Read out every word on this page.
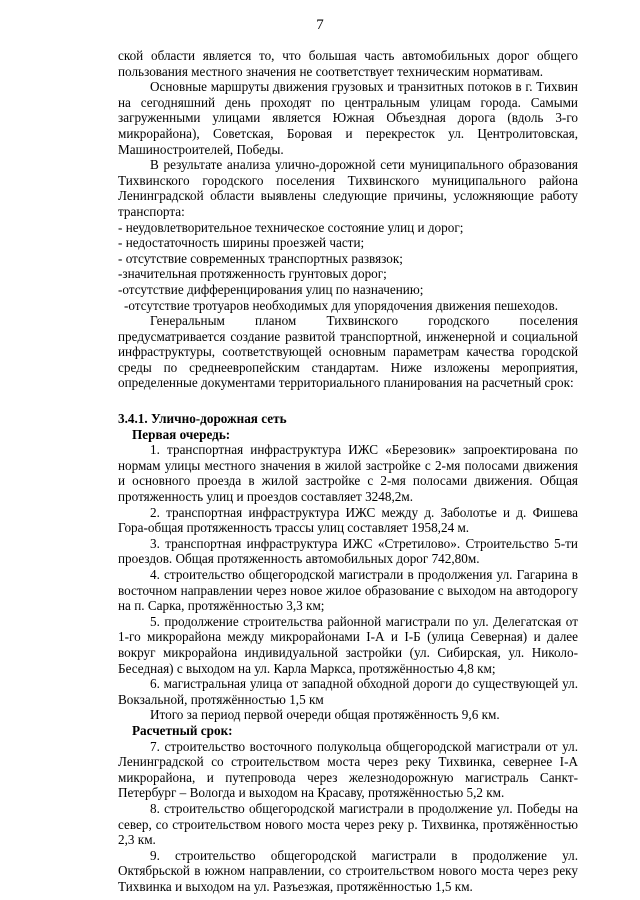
7

ской области является то, что большая часть автомобильных дорог общего пользования местного значения не соответствует техническим нормативам.

Основные маршруты движения грузовых и транзитных потоков в г. Тихвин на сегодняшний день проходят по центральным улицам города. Самыми загруженными улицами является Южная Объездная дорога (вдоль 3-го микрорайона), Советская, Боровая и перекресток ул. Центролитовская, Машиностроителей, Победы.

В результате анализа улично-дорожной сети муниципального образования Тихвинского городского поселения Тихвинского муниципального района Ленинградской области выявлены следующие причины, усложняющие работу транспорта:

- неудовлетворительное техническое состояние улиц и дорог;

- недостаточность ширины проезжей части;

- отсутствие современных транспортных развязок;

-значительная протяженность грунтовых дорог;

-отсутствие дифференцирования улиц по назначению;

-отсутствие тротуаров необходимых для упорядочения движения пешеходов.

Генеральным планом Тихвинского городского поселения предусматривается создание развитой транспортной, инженерной и социальной инфраструктуры, соответствующей основным параметрам качества городской среды по среднеевропейским стандартам. Ниже изложены мероприятия, определенные документами территориального планирования на расчетный срок:

3.4.1. Улично-дорожная сеть

Первая очередь:

1. транспортная инфраструктура ИЖС «Березовик» запроектирована по нормам улицы местного значения в жилой застройке с 2-мя полосами движения и основного проезда в жилой застройке с 2-мя полосами движения. Общая протяженность улиц и проездов составляет 3248,2м.

2. транспортная инфраструктура ИЖС между д. Заболотье и д. Фишева Гора-общая протяженность трассы улиц составляет 1958,24 м.

3. транспортная инфраструктура ИЖС «Стретилово». Строительство 5-ти проездов. Общая протяженность автомобильных дорог 742,80м.

4. строительство общегородской магистрали в продолжения ул. Гагарина в восточном направлении через новое жилое образование с выходом на автодорогу на п. Сарка, протяжённостью 3,3 км;

5. продолжение строительства районной магистрали по ул. Делегатская от 1-го микрорайона между микрорайонами I-А и I-Б (улица Северная) и далее вокруг микрорайона индивидуальной застройки (ул. Сибирская, ул. Николо-Беседная) с выходом на ул. Карла Маркса, протяжённостью 4,8 км;

6. магистральная улица от западной обходной дороги до существующей ул. Вокзальной, протяжённостью 1,5 км

Итого за период первой очереди общая протяжённость 9,6 км.

Расчетный срок:

7. строительство восточного полукольца общегородской магистрали от ул. Ленинградской со строительством моста через реку Тихвинка, севернее I-А микрорайона, и путепровода через железнодорожную магистраль Санкт-Петербург – Вологда и выходом на Красаву, протяжённостью 5,2 км.

8. строительство общегородской магистрали в продолжение ул. Победы на север, со строительством нового моста через реку р. Тихвинка, протяжённостью 2,3 км.

9. строительство общегородской магистрали в продолжение ул. Октябрьской в южном направлении, со строительством нового моста через реку Тихвинка и выходом на ул. Разъезжая, протяжённостью 1,5 км.
